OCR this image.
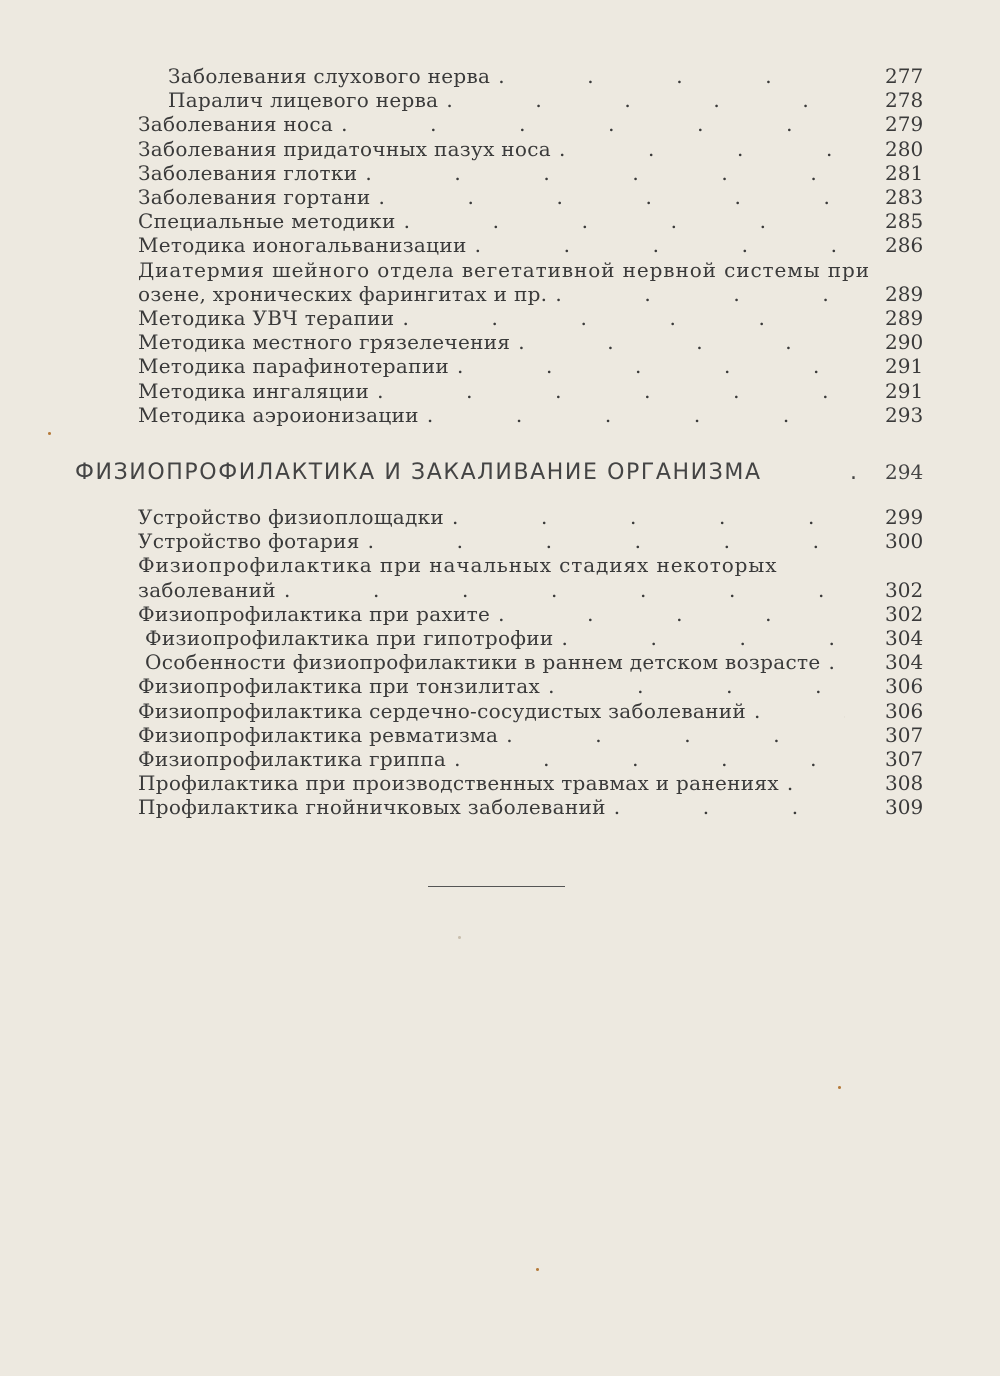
Заболевания слухового нерва .	277
Паралич лицевого нерва .	278
Заболевания носа .	279
Заболевания придаточных пазух носа .	280
Заболевания глотки .	281
Заболевания гортани .	283
Специальные методики .	285
Методика ионогальванизации .	286
Диатермия шейного отдела вегетативной нервной системы при
озене, хронических фарингитах и пр. .	289
Методика УВЧ терапии .	289
Методика местного грязелечения .	290
Методика парафинотерапии .	291
Методика ингаляции .	291
Методика аэроионизации .	293
ФИЗИОПРОФИЛАКТИКА И ЗАКАЛИВАНИЕ ОРГАНИЗМА	. 294
Устройство физиоплощадки .	299
Устройство фотария .	300
Физиопрофилактика при начальных стадиях некоторых
заболеваний .	302
Физиопрофилактика при рахите .	302
Физиопрофилактика при гипотрофии .	304
Особенности физиопрофилактики в раннем детском возрасте .	304
Физиопрофилактика при тонзилитах .	306
Физиопрофилактика сердечно-сосудистых заболеваний .	306
Физиопрофилактика ревматизма .	307
Физиопрофилактика гриппа .	307
Профилактика при производственных травмах и ранениях .	308
Профилактика гнойничковых заболеваний .	309
